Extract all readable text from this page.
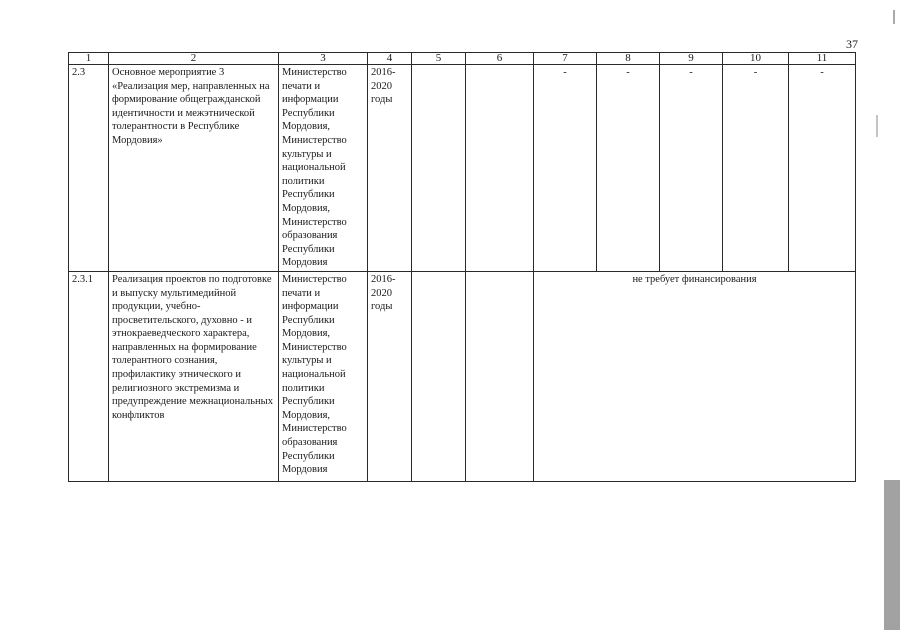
37
1	2	3	4	5	6	7	8	9	10	11
2.3	Основное мероприятие 3 «Реализация мер, направленных на формирование общегражданской идентичности и межэтнической толерантности в Республике Мордовия»	Министерство печати и информации Республики Мордовия, Министерство культуры и национальной политики Республики Мордовия, Министерство образования Республики Мордовия	2016-2020 годы			-	-	-	-	-
2.3.1	Реализация проектов по подготовке и выпуску мультимедийной продукции, учебно-просветительского, духовно - и этнокраеведческого характера, направленных на формирование толерантного сознания, профилактику этнического и религиозного экстремизма и предупреждение межнациональных конфликтов	Министерство печати и информации Республики Мордовия, Министерство культуры и национальной политики Республики Мордовия, Министерство образования Республики Мордовия	2016-2020 годы			не требует финансирования				
